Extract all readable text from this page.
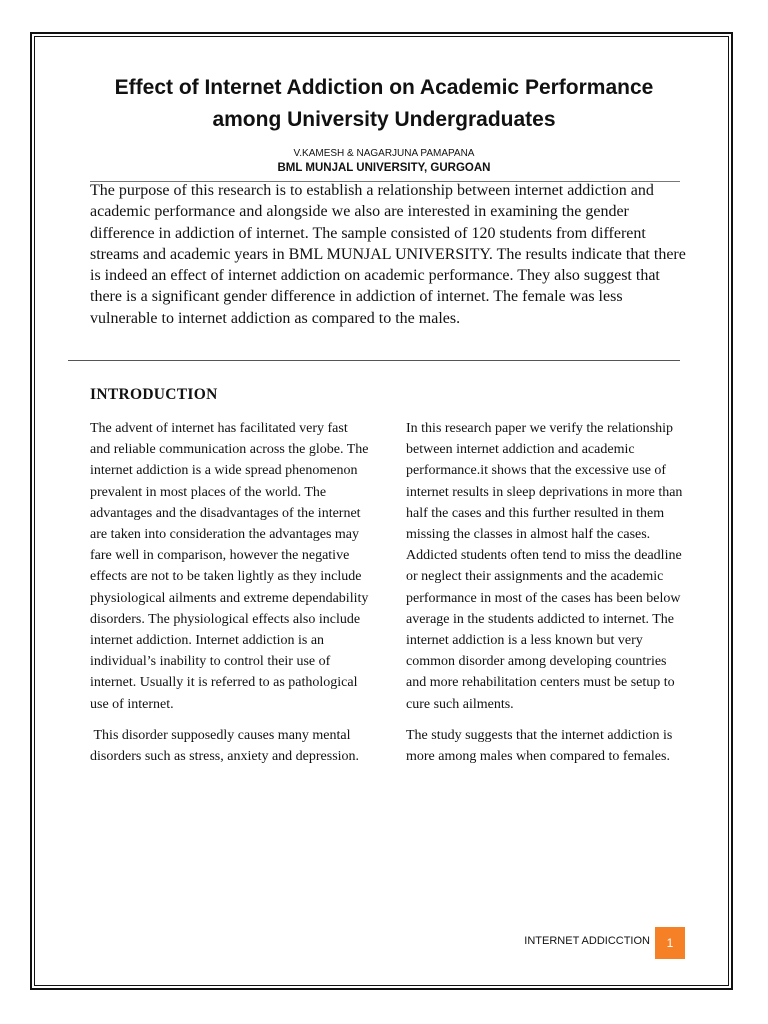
Effect of Internet Addiction on Academic Performance
among University Undergraduates
V.KAMESH & NAGARJUNA PAMAPANA
BML MUNJAL UNIVERSITY, GURGOAN

The purpose of this research is to establish a relationship between internet addiction and academic performance and alongside we also are interested in examining the gender difference in addiction of internet. The sample consisted of 120 students from different streams and academic years in BML MUNJAL UNIVERSITY. The results indicate that there is indeed an effect of internet addiction on academic performance. They also suggest that there is a significant gender difference in addiction of internet. The female was less vulnerable to internet addiction as compared to the males.

INTRODUCTION

The advent of internet has facilitated very fast and reliable communication across the globe. The internet addiction is a wide spread phenomenon prevalent in most places of the world. The advantages and the disadvantages of the internet are taken into consideration the advantages may fare well in comparison, however the negative effects are not to be taken lightly as they include physiological ailments and extreme dependability disorders. The physiological effects also include internet addiction. Internet addiction is an individual’s inability to control their use of internet. Usually it is referred to as pathological use of internet.

This disorder supposedly causes many mental disorders such as stress, anxiety and depression.

In this research paper we verify the relationship between internet addiction and academic performance.it shows that the excessive use of internet results in sleep deprivations in more than half the cases and this further resulted in them missing the classes in almost half the cases. Addicted students often tend to miss the deadline or neglect their assignments and the academic performance in most of the cases has been below average in the students addicted to internet. The internet addiction is a less known but very common disorder among developing countries and more rehabilitation centers must be setup to cure such ailments.

The study suggests that the internet addiction is more among males when compared to females.

INTERNET ADDICCTION	1
